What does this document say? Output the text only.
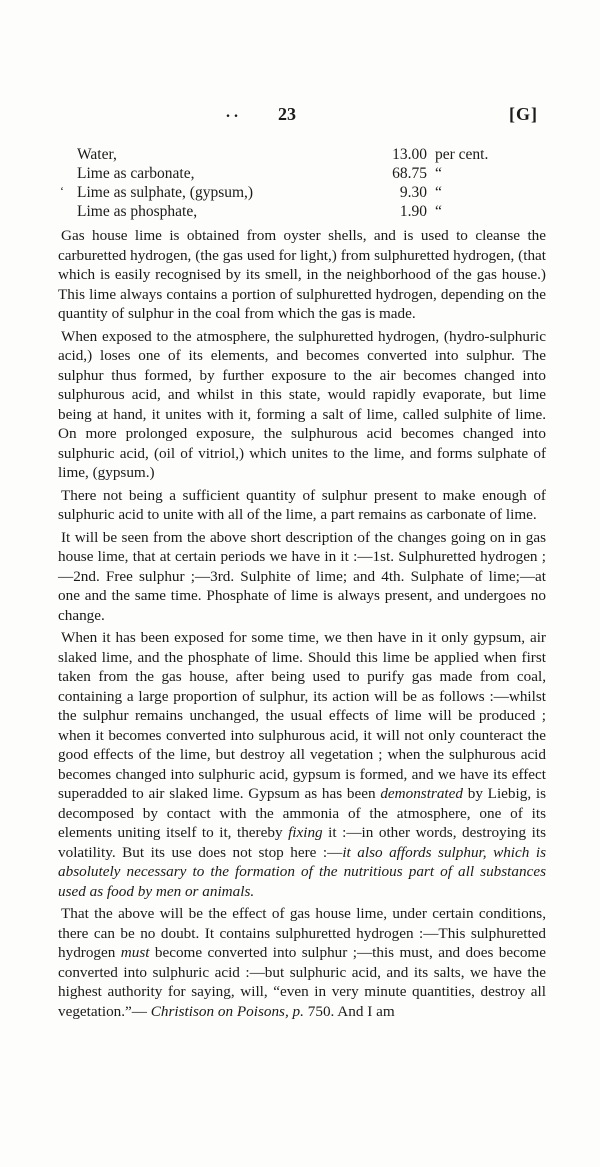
. . 23	[G]
Water,	13.00 per cent.
Lime as carbonate,	68.75 “
ʻ Lime as sulphate, (gypsum,)	9.30 “
Lime as phosphate,	1.90 “

Gas house lime is obtained from oyster shells, and is used to cleanse the carburetted hydrogen, (the gas used for light,) from sulphuretted hydrogen, (that which is easily recognised by its smell, in the neighborhood of the gas house.) This lime always contains a portion of sulphuretted hydrogen, depending on the quantity of sulphur in the coal from which the gas is made.

When exposed to the atmosphere, the sulphuretted hydrogen, (hydro-sulphuric acid,) loses one of its elements, and becomes converted into sulphur. The sulphur thus formed, by further exposure to the air becomes changed into sulphurous acid, and whilst in this state, would rapidly evaporate, but lime being at hand, it unites with it, forming a salt of lime, called sulphite of lime. On more prolonged exposure, the sulphurous acid becomes changed into sulphuric acid, (oil of vitriol,) which unites to the lime, and forms sulphate of lime, (gypsum.)

There not being a sufficient quantity of sulphur present to make enough of sulphuric acid to unite with all of the lime, a part remains as carbonate of lime.

It will be seen from the above short description of the changes going on in gas house lime, that at certain periods we have in it :—1st. Sulphuretted hydrogen ;—2nd. Free sulphur ;—3rd. Sulphite of lime; and 4th. Sulphate of lime;—at one and the same time. Phosphate of lime is always present, and undergoes no change.

When it has been exposed for some time, we then have in it only gypsum, air slaked lime, and the phosphate of lime. Should this lime be applied when first taken from the gas house, after being used to purify gas made from coal, containing a large proportion of sulphur, its action will be as follows :—whilst the sulphur remains unchanged, the usual effects of lime will be produced ; when it becomes converted into sulphurous acid, it will not only counteract the good effects of the lime, but destroy all vegetation ; when the sulphurous acid becomes changed into sulphuric acid, gypsum is formed, and we have its effect superadded to air slaked lime. Gypsum as has been demonstrated by Liebig, is decomposed by contact with the ammonia of the atmosphere, one of its elements uniting itself to it, thereby fixing it :—in other words, destroying its volatility. But its use does not stop here :—it also affords sulphur, which is absolutely necessary to the formation of the nutritious part of all substances used as food by men or animals.

That the above will be the effect of gas house lime, under certain conditions, there can be no doubt. It contains sulphuretted hydrogen :—This sulphuretted hydrogen must become converted into sulphur ;—this must, and does become converted into sulphuric acid :—but sulphuric acid, and its salts, we have the highest authority for saying, will, “even in very minute quantities, destroy all vegetation.”— Christison on Poisons, p. 750. And I am
